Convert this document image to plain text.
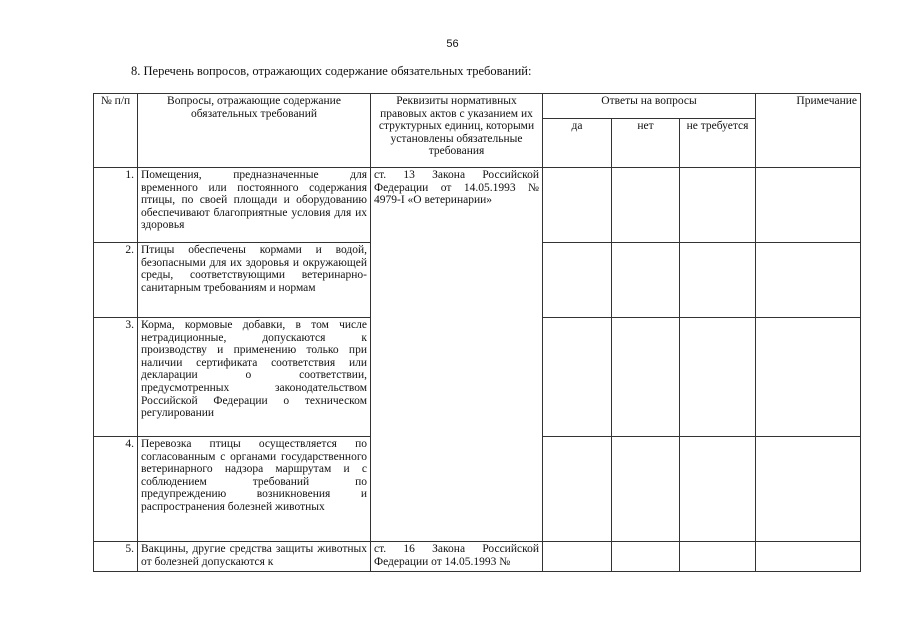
56
8. Перечень вопросов, отражающих содержание обязательных требований:
№ п/п	Вопросы, отражающие содержание обязательных требований	Реквизиты нормативных правовых актов с указанием их структурных единиц, которыми установлены обязательные требования	Ответы на вопросы			Примечание
			да	нет	не требуется	
1.	Помещения, предназначенные для временного или постоянного содержания птицы, по своей площади и оборудованию обеспечивают благоприятные условия для их здоровья	ст. 13 Закона Российской Федерации от 14.05.1993 № 4979-I «О ветеринарии»				
2.	Птицы обеспечены кормами и водой, безопасными для их здоровья и окружающей среды, соответствующими ветеринарно-санитарным требованиям и нормам					
3.	Корма, кормовые добавки, в том числе нетрадиционные, допускаются к производству и применению только при наличии сертификата соответствия или декларации о соответствии, предусмотренных законодательством Российской Федерации о техническом регулировании					
4.	Перевозка птицы осуществляется по согласованным с органами государственного ветеринарного надзора маршрутам и с соблюдением требований по предупреждению возникновения и распространения болезней животных					
5.	Вакцины, другие средства защиты животных от болезней допускаются к	ст. 16 Закона Российской Федерации от 14.05.1993 №				
